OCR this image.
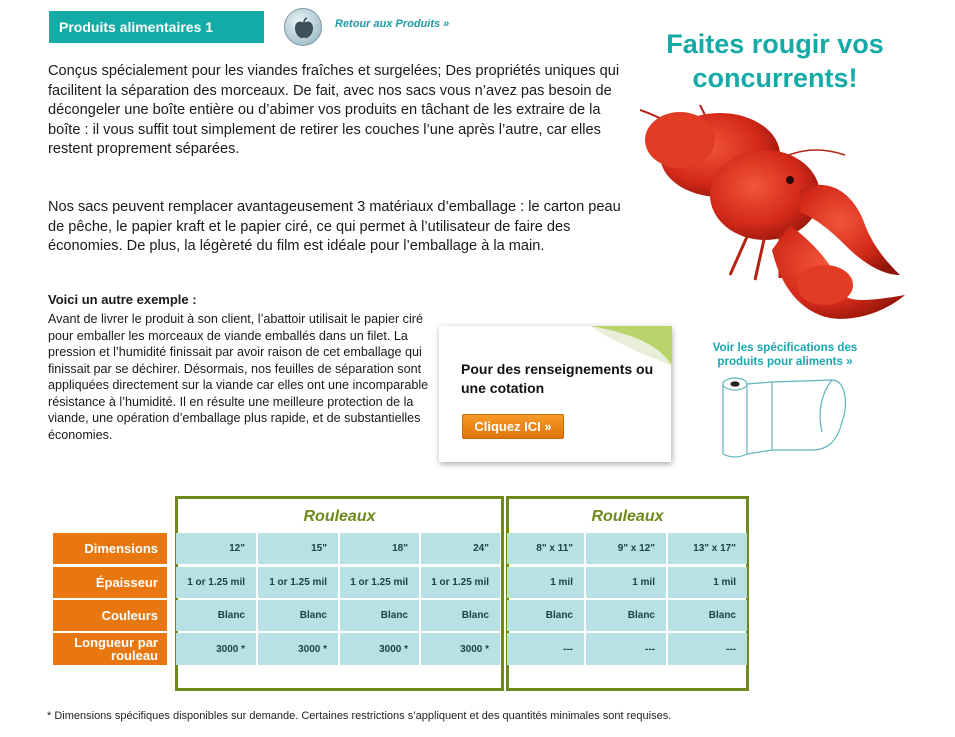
Produits alimentaires 1	Retour aux Produits »
Conçus spécialement pour les viandes fraîches et surgelées; Des propriétés uniques qui facilitent la séparation des morceaux. De fait, avec nos sacs vous n’avez pas besoin de décongeler une boîte entière ou d’abimer vos produits en tâchant de les extraire de la boîte : il vous suffit tout simplement de retirer les couches l’une après l’autre, car elles restent proprement séparées.
Nos sacs peuvent remplacer avantageusement 3 matériaux d’emballage : le carton peau de pêche, le papier kraft et le papier ciré, ce qui permet à l’utilisateur de faire des économies. De plus, la légèreté du film est idéale pour l’emballage à la main.
Voici un autre exemple :
Avant de livrer le produit à son client, l’abattoir utilisait le papier ciré pour emballer les morceaux de viande emballés dans un filet. La pression et l’humidité finissait par avoir raison de cet emballage qui finissait par se déchirer. Désormais, nos feuilles de séparation sont appliquées directement sur la viande car elles ont une incomparable résistance à l’humidité. Il en résulte une meilleure protection de la viande, une opération d’emballage plus rapide, et de substantielles économies.
Faites rougir vos concurrents!
Pour des renseignements ou une cotation
Cliquez ICI »
Voir les spécifications des produits pour aliments »
Rouleaux	Rouleaux
Dimensions
Épaisseur
Couleurs
Longueur par rouleau
12"
1 or 1.25 mil
Blanc
3000 *
15"
1 or 1.25 mil
Blanc
3000 *
18"
1 or 1.25 mil
Blanc
3000 *
24"
1 or 1.25 mil
Blanc
3000 *
8" x 11"
1 mil
Blanc
---
9" x 12"
1 mil
Blanc
---
13" x 17"
1 mil
Blanc
---
* Dimensions spécifiques disponibles sur demande. Certaines restrictions s’appliquent et des quantités minimales sont requises.
